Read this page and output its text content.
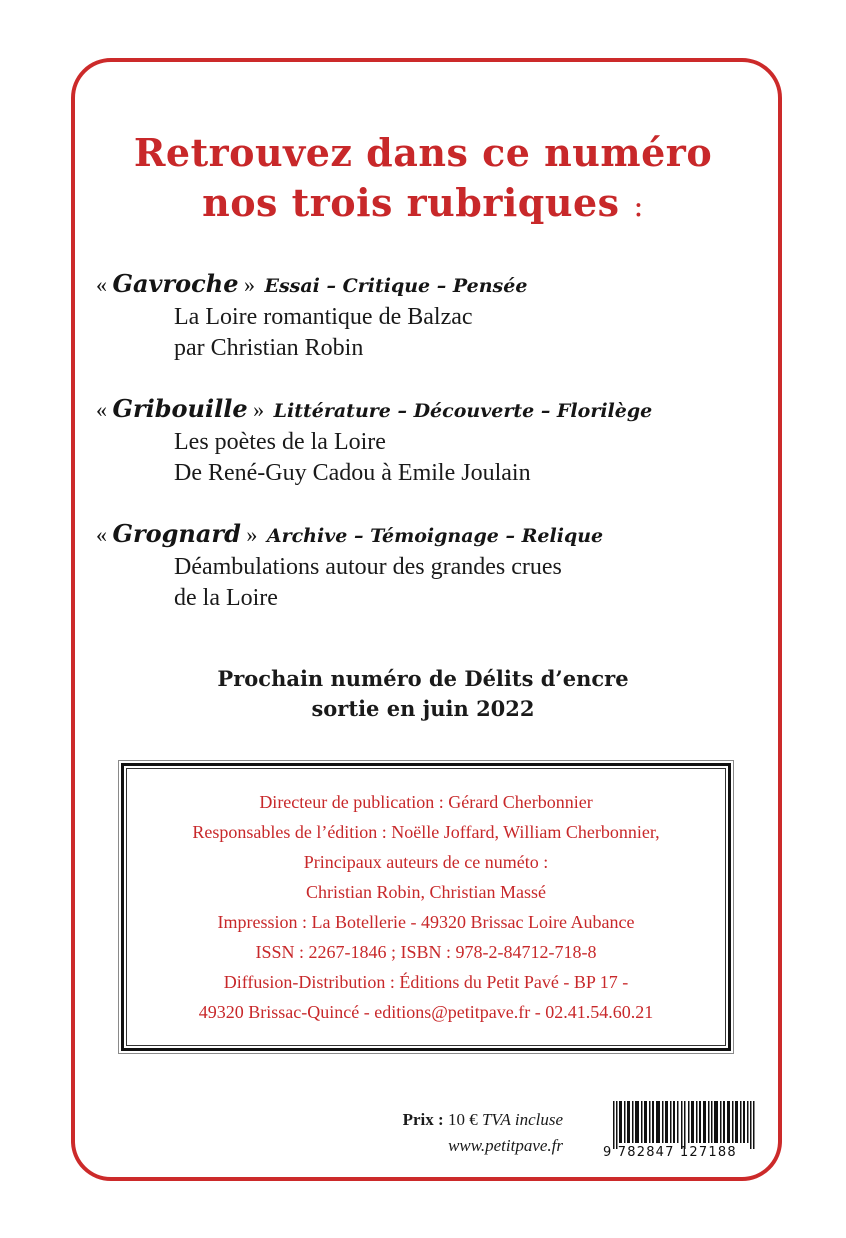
Retrouvez dans ce numéro
nos trois rubriques :
« Gavroche » Essai – Critique – Pensée
La Loire romantique de Balzac
par Christian Robin
« Gribouille » Littérature – Découverte – Florilège
Les poètes de la Loire
De René-Guy Cadou à Emile Joulain
« Grognard » Archive – Témoignage – Relique
Déambulations autour des grandes crues
de la Loire
Prochain numéro de Délits d’encre
sortie en juin 2022
Directeur de publication : Gérard Cherbonnier
Responsables de l’édition : Noëlle Joffard, William Cherbonnier,
Principaux auteurs de ce numéto :
Christian Robin, Christian Massé
Impression : La Botellerie - 49320 Brissac Loire Aubance
ISSN : 2267-1846 ; ISBN : 978-2-84712-718-8
Diffusion-Distribution : Éditions du Petit Pavé - BP 17 -
49320 Brissac-Quincé - editions@petitpave.fr - 02.41.54.60.21
Prix : 10 € TVA incluse
www.petitpave.fr	9 782847 127188
